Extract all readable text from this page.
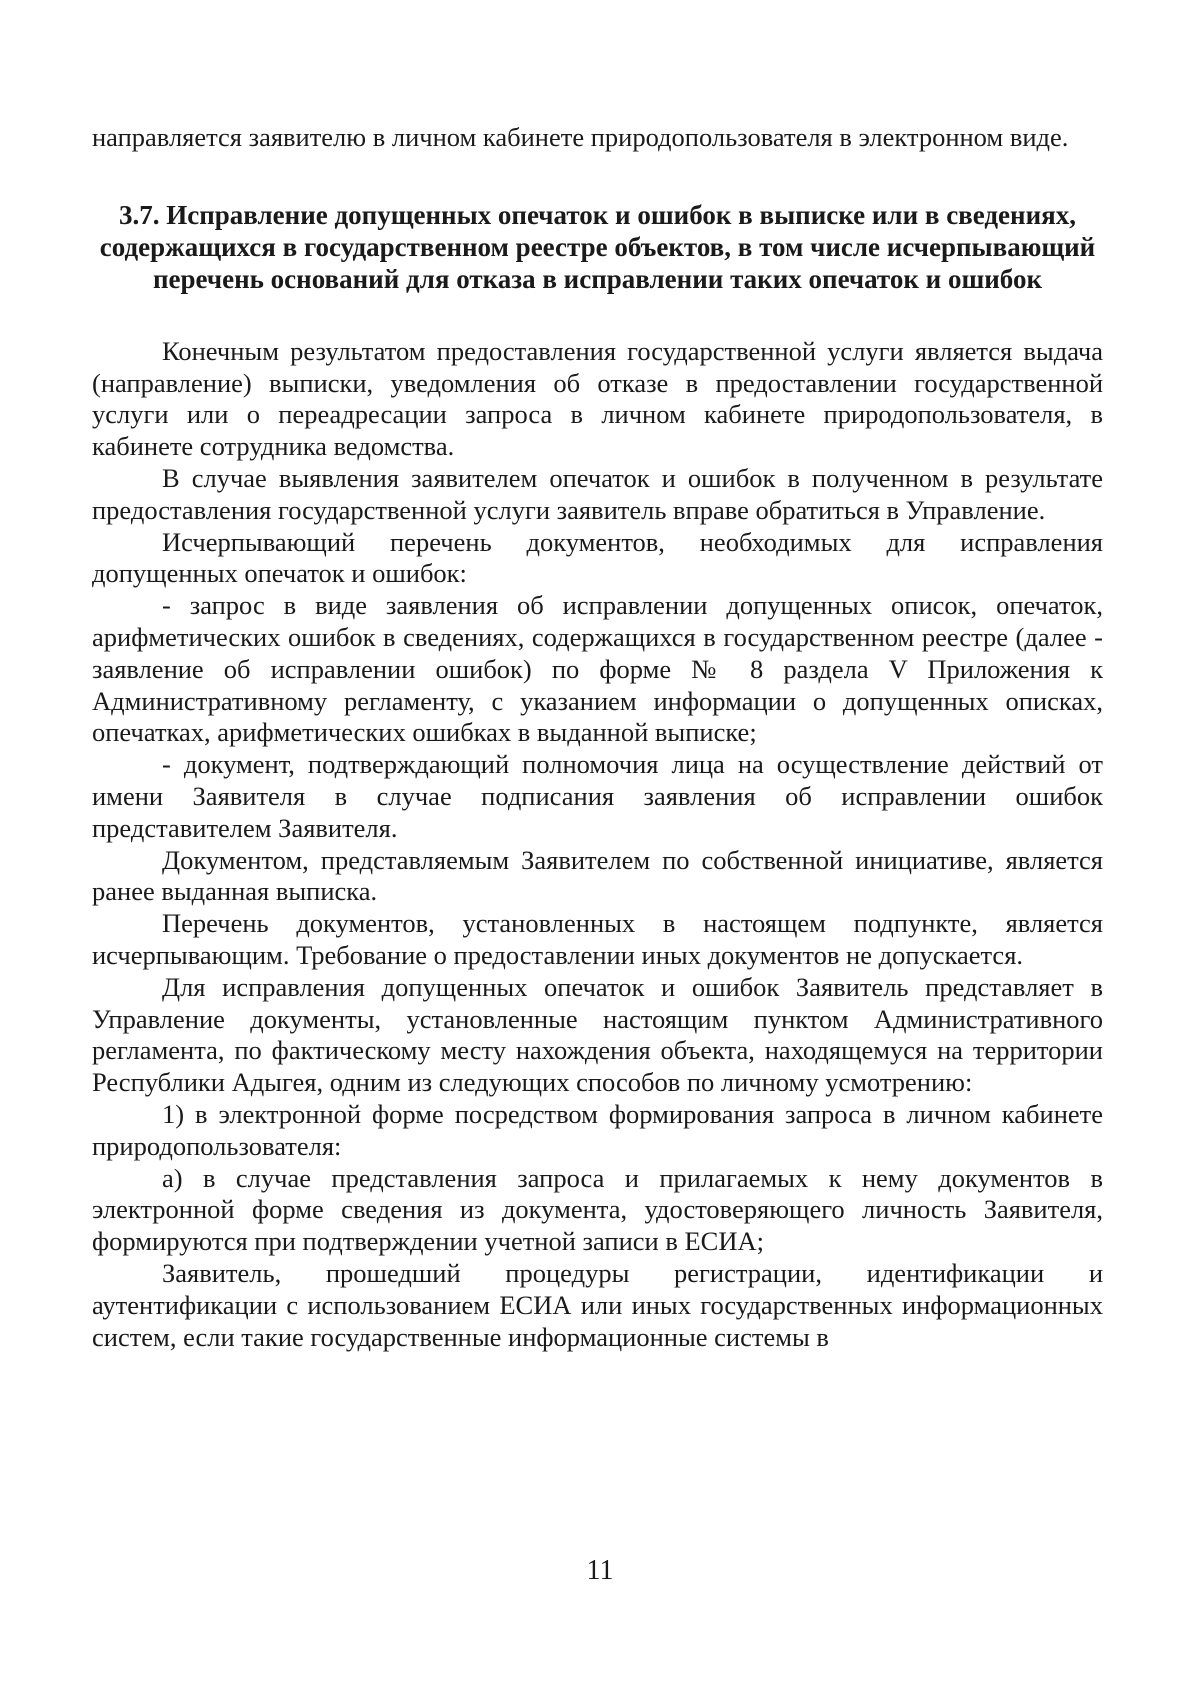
направляется заявителю в личном кабинете природопользователя в электронном виде.

3.7. Исправление допущенных опечаток и ошибок в выписке или в сведениях, содержащихся в государственном реестре объектов, в том числе исчерпывающий перечень оснований для отказа в исправлении таких опечаток и ошибок

Конечным результатом предоставления государственной услуги является выдача (направление) выписки, уведомления об отказе в предоставлении государственной услуги или о переадресации запроса в личном кабинете природопользователя, в кабинете сотрудника ведомства.

В случае выявления заявителем опечаток и ошибок в полученном в результате предоставления государственной услуги заявитель вправе обратиться в Управление.

Исчерпывающий перечень документов, необходимых для исправления допущенных опечаток и ошибок:

- запрос в виде заявления об исправлении допущенных описок, опечаток, арифметических ошибок в сведениях, содержащихся в государственном реестре (далее - заявление об исправлении ошибок) по форме № 8 раздела V Приложения к Административному регламенту, с указанием информации о допущенных описках, опечатках, арифметических ошибках в выданной выписке;

- документ, подтверждающий полномочия лица на осуществление действий от имени Заявителя в случае подписания заявления об исправлении ошибок представителем Заявителя.

Документом, представляемым Заявителем по собственной инициативе, является ранее выданная выписка.

Перечень документов, установленных в настоящем подпункте, является исчерпывающим. Требование о предоставлении иных документов не допускается.

Для исправления допущенных опечаток и ошибок Заявитель представляет в Управление документы, установленные настоящим пунктом Административного регламента, по фактическому месту нахождения объекта, находящемуся на территории Республики Адыгея, одним из следующих способов по личному усмотрению:

1) в электронной форме посредством формирования запроса в личном кабинете природопользователя:

а) в случае представления запроса и прилагаемых к нему документов в электронной форме сведения из документа, удостоверяющего личность Заявителя, формируются при подтверждении учетной записи в ЕСИА;

Заявитель, прошедший процедуры регистрации, идентификации и аутентификации с использованием ЕСИА или иных государственных информационных систем, если такие государственные информационные системы в

11
